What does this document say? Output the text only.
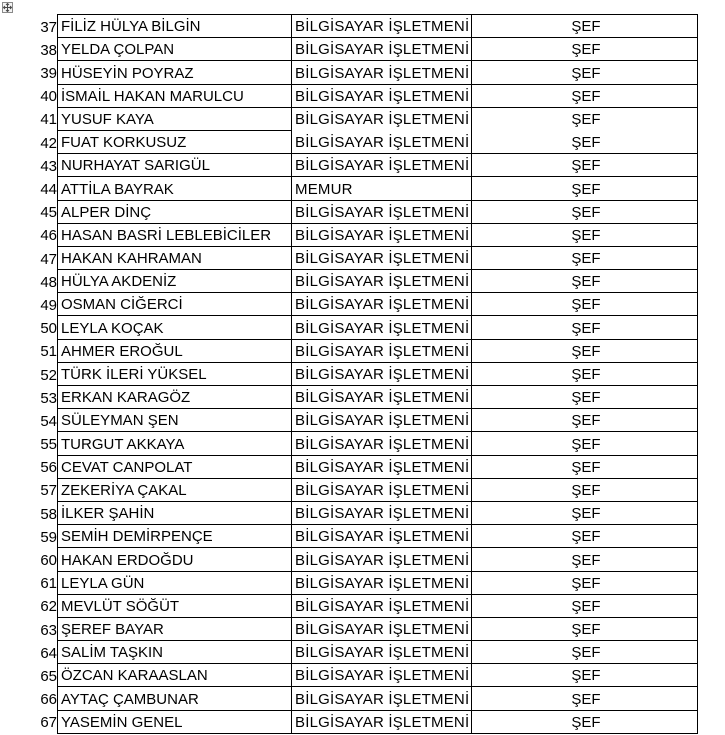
37	FİLİZ HÜLYA BİLGİN	BİLGİSAYAR İŞLETMENİ	ŞEF
38	YELDA ÇOLPAN	BİLGİSAYAR İŞLETMENİ	ŞEF
39	HÜSEYİN POYRAZ	BİLGİSAYAR İŞLETMENİ	ŞEF
40	İSMAİL HAKAN MARULCU	BİLGİSAYAR İŞLETMENİ	ŞEF
41	YUSUF KAYA	BİLGİSAYAR İŞLETMENİ	ŞEF
42	FUAT KORKUSUZ	BİLGİSAYAR İŞLETMENİ	ŞEF
43	NURHAYAT SARIGÜL	BİLGİSAYAR İŞLETMENİ	ŞEF
44	ATTİLA BAYRAK	MEMUR	ŞEF
45	ALPER DİNÇ	BİLGİSAYAR İŞLETMENİ	ŞEF
46	HASAN BASRİ LEBLEBİCİLER	BİLGİSAYAR İŞLETMENİ	ŞEF
47	HAKAN KAHRAMAN	BİLGİSAYAR İŞLETMENİ	ŞEF
48	HÜLYA AKDENİZ	BİLGİSAYAR İŞLETMENİ	ŞEF
49	OSMAN CİĞERCİ	BİLGİSAYAR İŞLETMENİ	ŞEF
50	LEYLA KOÇAK	BİLGİSAYAR İŞLETMENİ	ŞEF
51	AHMER EROĞUL	BİLGİSAYAR İŞLETMENİ	ŞEF
52	TÜRK İLERİ YÜKSEL	BİLGİSAYAR İŞLETMENİ	ŞEF
53	ERKAN KARAGÖZ	BİLGİSAYAR İŞLETMENİ	ŞEF
54	SÜLEYMAN ŞEN	BİLGİSAYAR İŞLETMENİ	ŞEF
55	TURGUT AKKAYA	BİLGİSAYAR İŞLETMENİ	ŞEF
56	CEVAT CANPOLAT	BİLGİSAYAR İŞLETMENİ	ŞEF
57	ZEKERİYA ÇAKAL	BİLGİSAYAR İŞLETMENİ	ŞEF
58	İLKER ŞAHİN	BİLGİSAYAR İŞLETMENİ	ŞEF
59	SEMİH DEMİRPENÇE	BİLGİSAYAR İŞLETMENİ	ŞEF
60	HAKAN ERDOĞDU	BİLGİSAYAR İŞLETMENİ	ŞEF
61	LEYLA GÜN	BİLGİSAYAR İŞLETMENİ	ŞEF
62	MEVLÜT SÖĞÜT	BİLGİSAYAR İŞLETMENİ	ŞEF
63	ŞEREF BAYAR	BİLGİSAYAR İŞLETMENİ	ŞEF
64	SALİM TAŞKIN	BİLGİSAYAR İŞLETMENİ	ŞEF
65	ÖZCAN KARAASLAN	BİLGİSAYAR İŞLETMENİ	ŞEF
66	AYTAÇ ÇAMBUNAR	BİLGİSAYAR İŞLETMENİ	ŞEF
67	YASEMİN GENEL	BİLGİSAYAR İŞLETMENİ	ŞEF
